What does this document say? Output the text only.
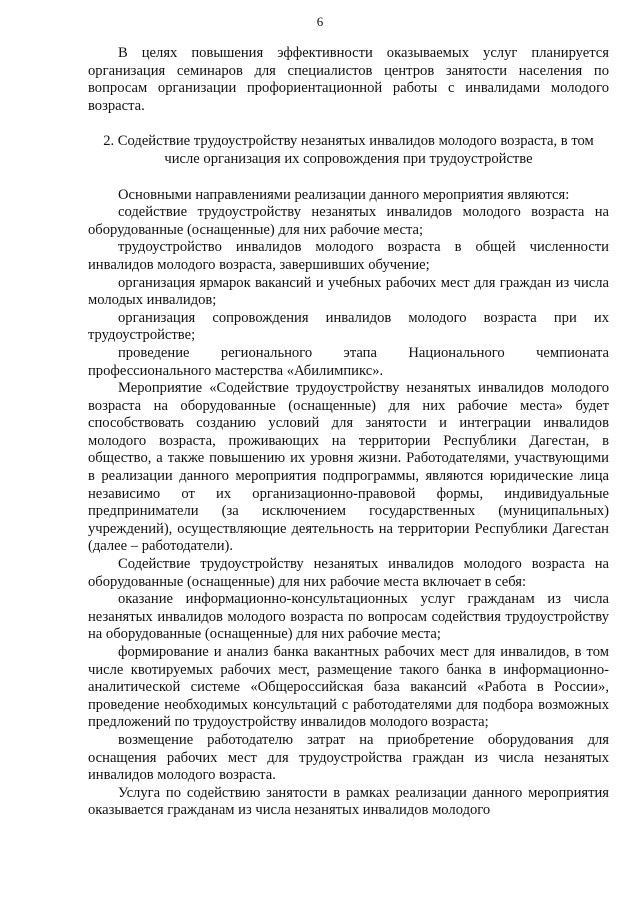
6

В целях повышения эффективности оказываемых услуг планируется организация семинаров для специалистов центров занятости населения по вопросам организации профориентационной работы с инвалидами молодого возраста.

2. Содействие трудоустройству незанятых инвалидов молодого возраста, в том
числе организация их сопровождения при трудоустройстве

Основными направлениями реализации данного мероприятия являются:

содействие трудоустройству незанятых инвалидов молодого возраста на оборудованные (оснащенные) для них рабочие места;

трудоустройство инвалидов молодого возраста в общей численности инвалидов молодого возраста, завершивших обучение;

организация ярмарок вакансий и учебных рабочих мест для граждан из числа молодых инвалидов;

организация сопровождения инвалидов молодого возраста при их трудоустройстве;

проведение регионального этапа Национального чемпионата профессионального мастерства «Абилимпикс».

Мероприятие «Содействие трудоустройству незанятых инвалидов молодого возраста на оборудованные (оснащенные) для них рабочие места» будет способствовать созданию условий для занятости и интеграции инвалидов молодого возраста, проживающих на территории Республики Дагестан, в общество, а также повышению их уровня жизни. Работодателями, участвующими в реализации данного мероприятия подпрограммы, являются юридические лица независимо от их организационно-правовой формы, индивидуальные предприниматели (за исключением государственных (муниципальных) учреждений), осуществляющие деятельность на территории Республики Дагестан (далее – работодатели).

Содействие трудоустройству незанятых инвалидов молодого возраста на оборудованные (оснащенные) для них рабочие места включает в себя:

оказание информационно-консультационных услуг гражданам из числа незанятых инвалидов молодого возраста по вопросам содействия трудоустройству на оборудованные (оснащенные) для них рабочие места;

формирование и анализ банка вакантных рабочих мест для инвалидов, в том числе квотируемых рабочих мест, размещение такого банка в информационно-аналитической системе «Общероссийская база вакансий «Работа в России», проведение необходимых консультаций с работодателями для подбора возможных предложений по трудоустройству инвалидов молодого возраста;

возмещение работодателю затрат на приобретение оборудования для оснащения рабочих мест для трудоустройства граждан из числа незанятых инвалидов молодого возраста.

Услуга по содействию занятости в рамках реализации данного мероприятия оказывается гражданам из числа незанятых инвалидов молодого
